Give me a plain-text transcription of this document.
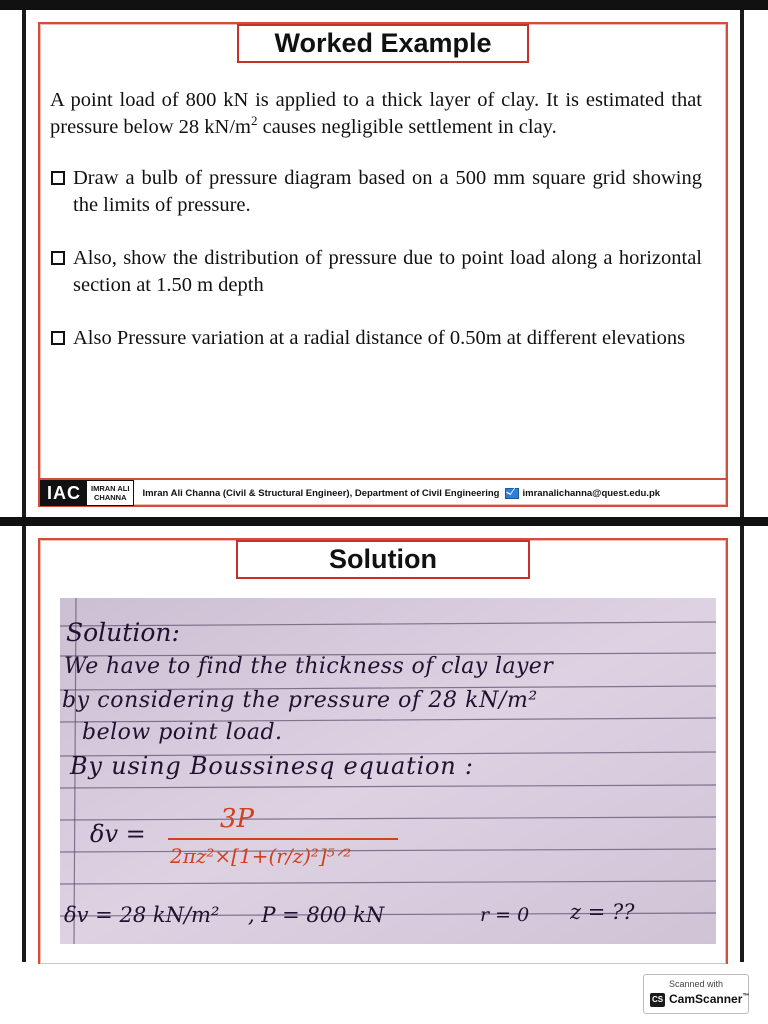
Worked Example

A point load of 800 kN is applied to a thick layer of clay. It is estimated that pressure below 28 $kN/m^2$ causes negligible settlement in clay.

Draw a bulb of pressure diagram based on a 500 mm square grid showing the limits of pressure.
Also, show the distribution of pressure due to point load along a horizontal section at 1.50 m depth
Also Pressure variation at a radial distance of 0.50m at different elevations
IAC	IMRAN ALI
CHANNA	Imran Ali Channa (Civil & Structural Engineer), Department of Civil Engineering imranalichanna@quest.edu.pk
Solution
Solution:
We have to find the thickness of clay layer
by considering the pressure of 28 kN/m²
below point load.
By using Boussinesq equation :
δv =	3P
2πz²×[1+(r/z)²]⁵ᐟ²
δv = 28 kN/m² , P = 800 kN	r = 0 z = ??
Scanned with
CS CamScanner™
